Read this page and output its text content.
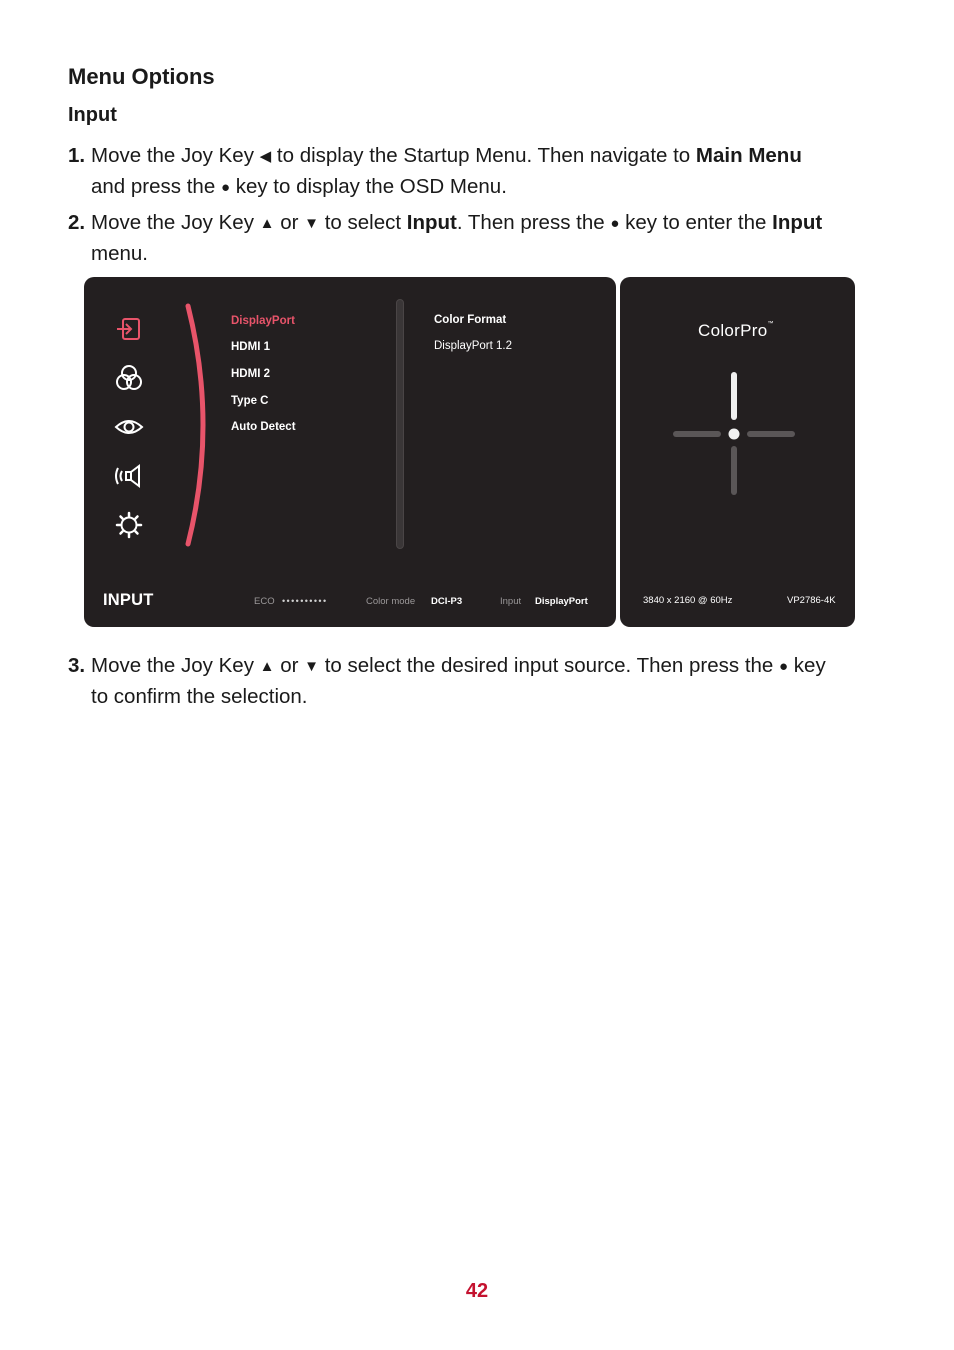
Menu Options
Input
1. Move the Joy Key ◀ to display the Startup Menu. Then navigate to Main Menu
and press the ● key to display the OSD Menu.
2. Move the Joy Key ▲ or ▼ to select Input. Then press the ● key to enter the Input
menu.
DisplayPort
HDMI 1
HDMI 2
Type C
Auto Detect
Color Format
DisplayPort 1.2
INPUT	ECO ••••••••••	Color mode DCI-P3	Input DisplayPort
ColorPro™
3840 x 2160 @ 60Hz	VP2786-4K
3. Move the Joy Key ▲ or ▼ to select the desired input source. Then press the ● key
to confirm the selection.
42
